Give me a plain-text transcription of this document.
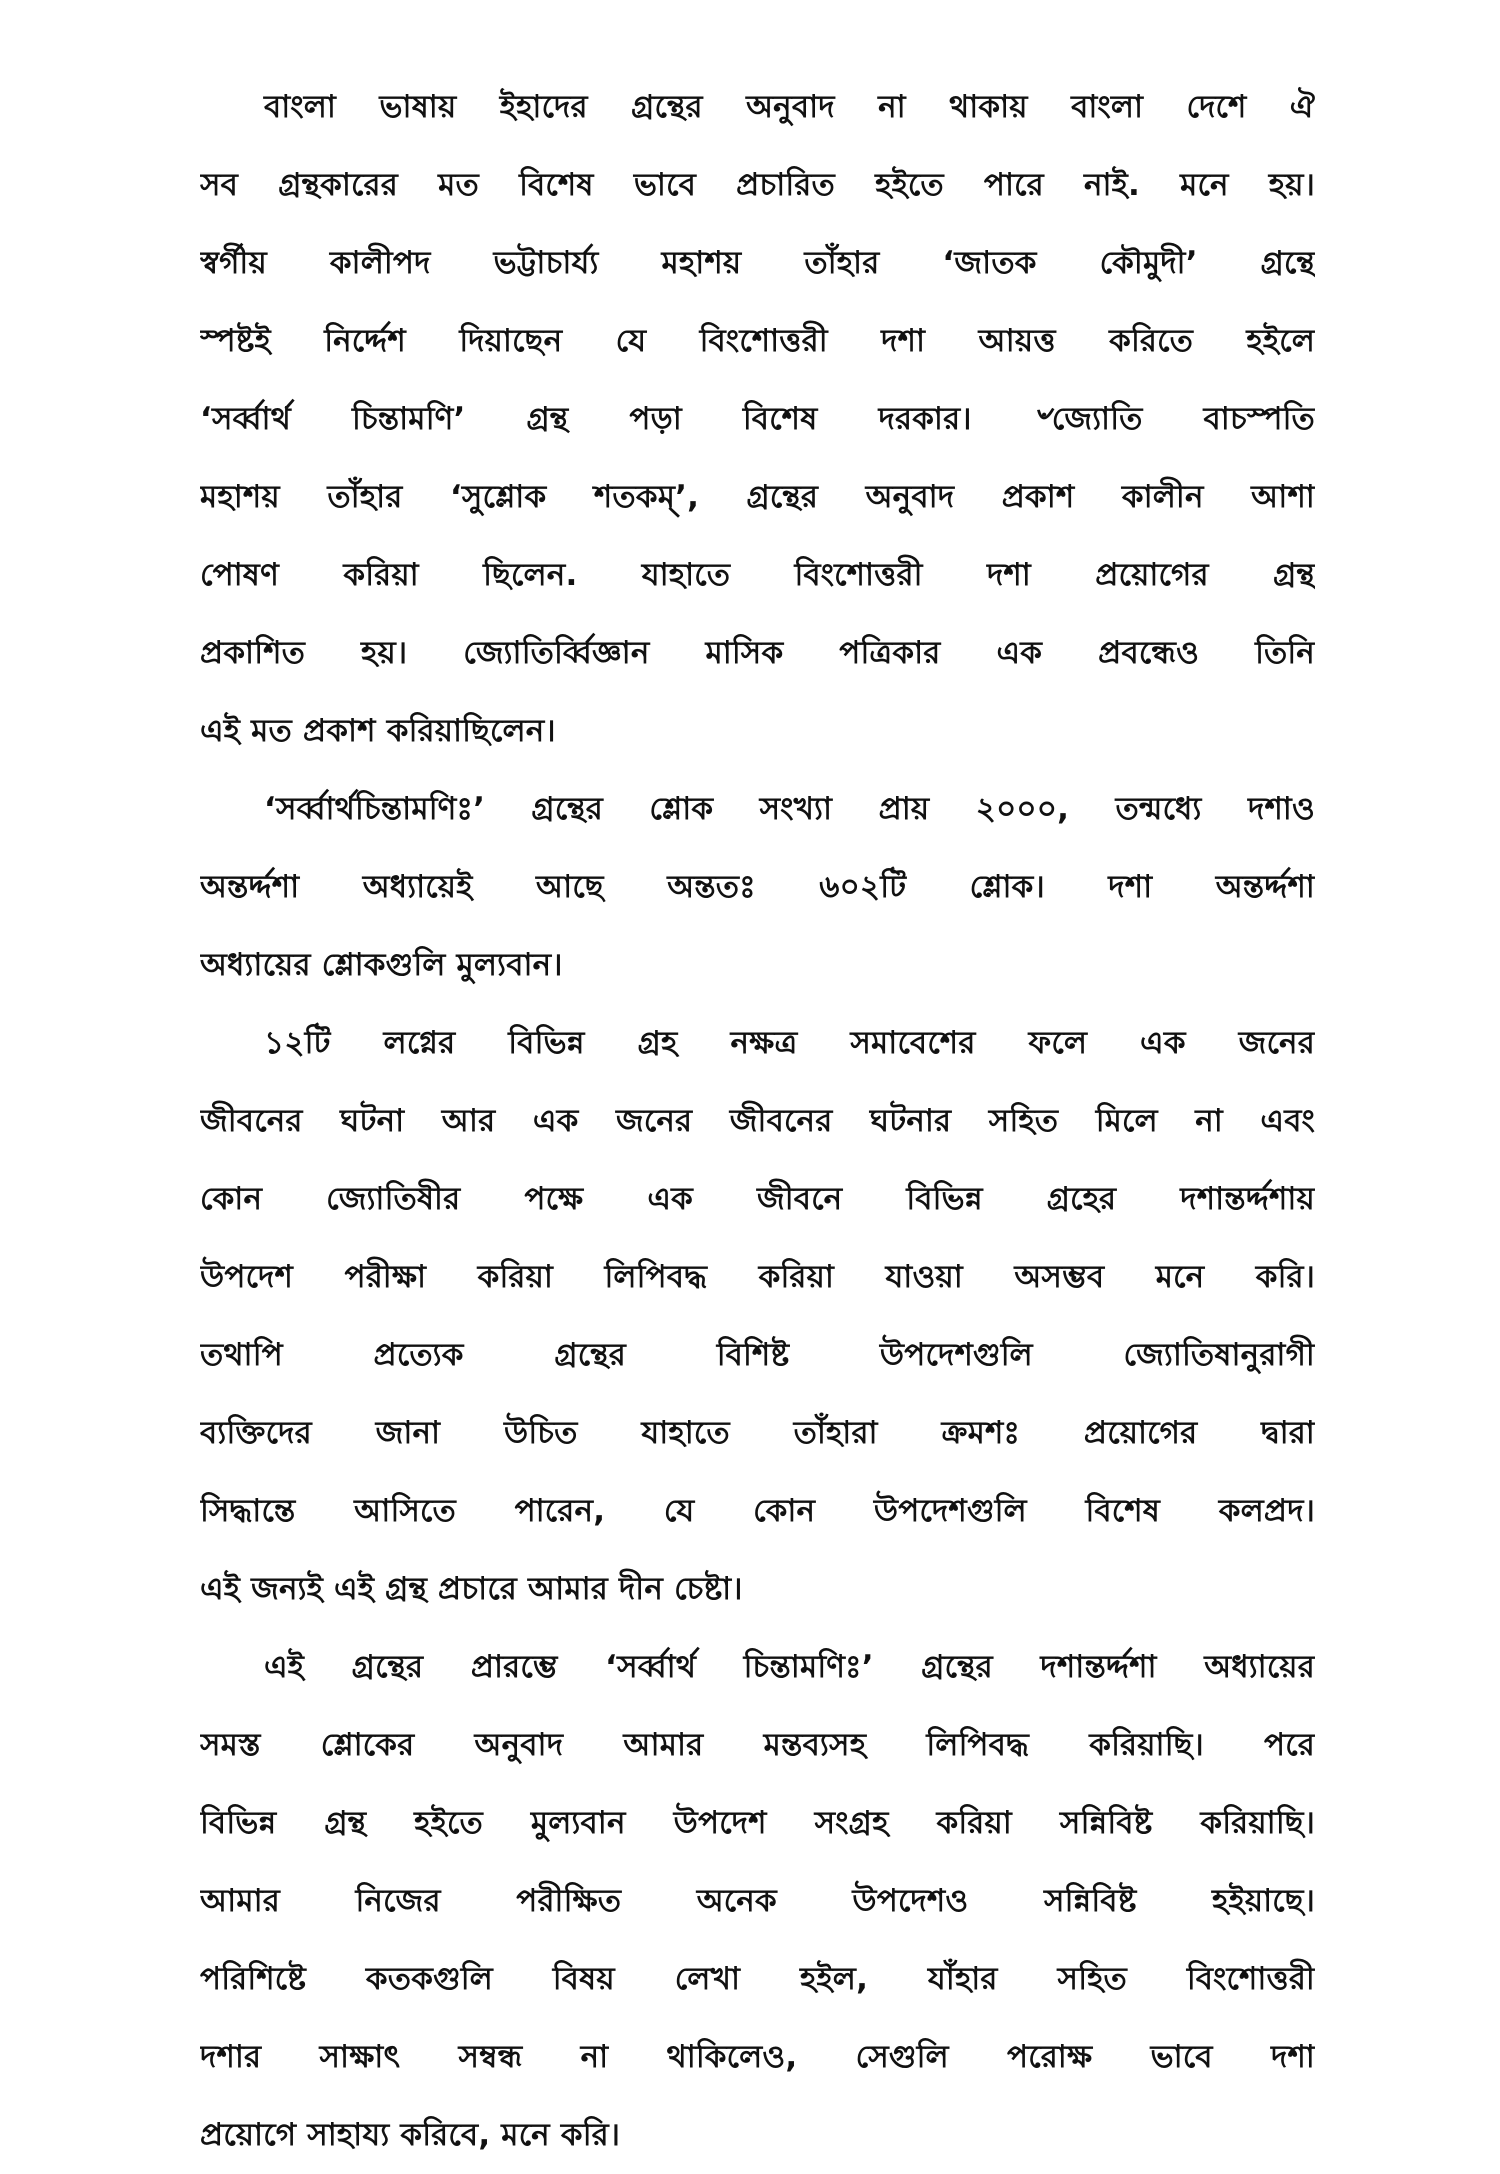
বাংলা ভাষায় ইহাদের গ্রন্থের অনুবাদ না থাকায় বাংলা দেশে ঐ
সব গ্রন্থকারের মত বিশেষ ভাবে প্রচারিত হইতে পারে নাই. মনে হয়।
স্বর্গীয় কালীপদ ভট্টাচার্য্য মহাশয় তাঁহার ‘জাতক কৌমুদী’ গ্রন্থে
স্পষ্টই নির্দ্দেশ দিয়াছেন যে বিংশোত্তরী দশা আয়ত্ত করিতে হইলে
‘সর্ব্বার্থ চিন্তামণি’ গ্রন্থ পড়া বিশেষ দরকার। ৺জ্যোতি বাচস্পতি
মহাশয় তাঁহার ‘সুশ্লোক শতকম্’, গ্রন্থের অনুবাদ প্রকাশ কালীন আশা
পোষণ করিয়া ছিলেন. যাহাতে বিংশোত্তরী দশা প্রয়োগের গ্রন্থ
প্রকাশিত হয়। জ্যোতির্ব্বিজ্ঞান মাসিক পত্রিকার এক প্রবন্ধেও তিনি
এই মত প্রকাশ করিয়াছিলেন।
‘সর্ব্বার্থচিন্তামণিঃ’ গ্রন্থের শ্লোক সংখ্যা প্রায় ২০০০, তন্মধ্যে দশাও
অন্তর্দ্দশা অধ্যায়েই আছে অন্ততঃ ৬০২টি শ্লোক। দশা অন্তর্দ্দশা
অধ্যায়ের শ্লোকগুলি মুল্যবান।
১২টি লগ্নের বিভিন্ন গ্রহ নক্ষত্র সমাবেশের ফলে এক জনের
জীবনের ঘটনা আর এক জনের জীবনের ঘটনার সহিত মিলে না এবং
কোন জ্যোতিষীর পক্ষে এক জীবনে বিভিন্ন গ্রহের দশান্তর্দ্দশায়
উপদেশ পরীক্ষা করিয়া লিপিবদ্ধ করিয়া যাওয়া অসম্ভব মনে করি।
তথাপি প্রত্যেক গ্রন্থের বিশিষ্ট উপদেশগুলি জ্যোতিষানুরাগী
ব্যক্তিদের জানা উচিত যাহাতে তাঁহারা ক্রমশঃ প্রয়োগের দ্বারা
সিদ্ধান্তে আসিতে পারেন, যে কোন উপদেশগুলি বিশেষ কলপ্রদ।
এই জন্যই এই গ্রন্থ প্রচারে আমার দীন চেষ্টা।
এই গ্রন্থের প্রারম্ভে ‘সর্ব্বার্থ চিন্তামণিঃ’ গ্রন্থের দশান্তর্দ্দশা অধ্যায়ের
সমস্ত শ্লোকের অনুবাদ আমার মন্তব্যসহ লিপিবদ্ধ করিয়াছি। পরে
বিভিন্ন গ্রন্থ হইতে মুল্যবান উপদেশ সংগ্রহ করিয়া সন্নিবিষ্ট করিয়াছি।
আমার নিজের পরীক্ষিত অনেক উপদেশও সন্নিবিষ্ট হইয়াছে।
পরিশিষ্টে কতকগুলি বিষয় লেখা হইল, যাঁহার সহিত বিংশোত্তরী
দশার সাক্ষাৎ সম্বন্ধ না থাকিলেও, সেগুলি পরোক্ষ ভাবে দশা
প্রয়োগে সাহায্য করিবে, মনে করি।
